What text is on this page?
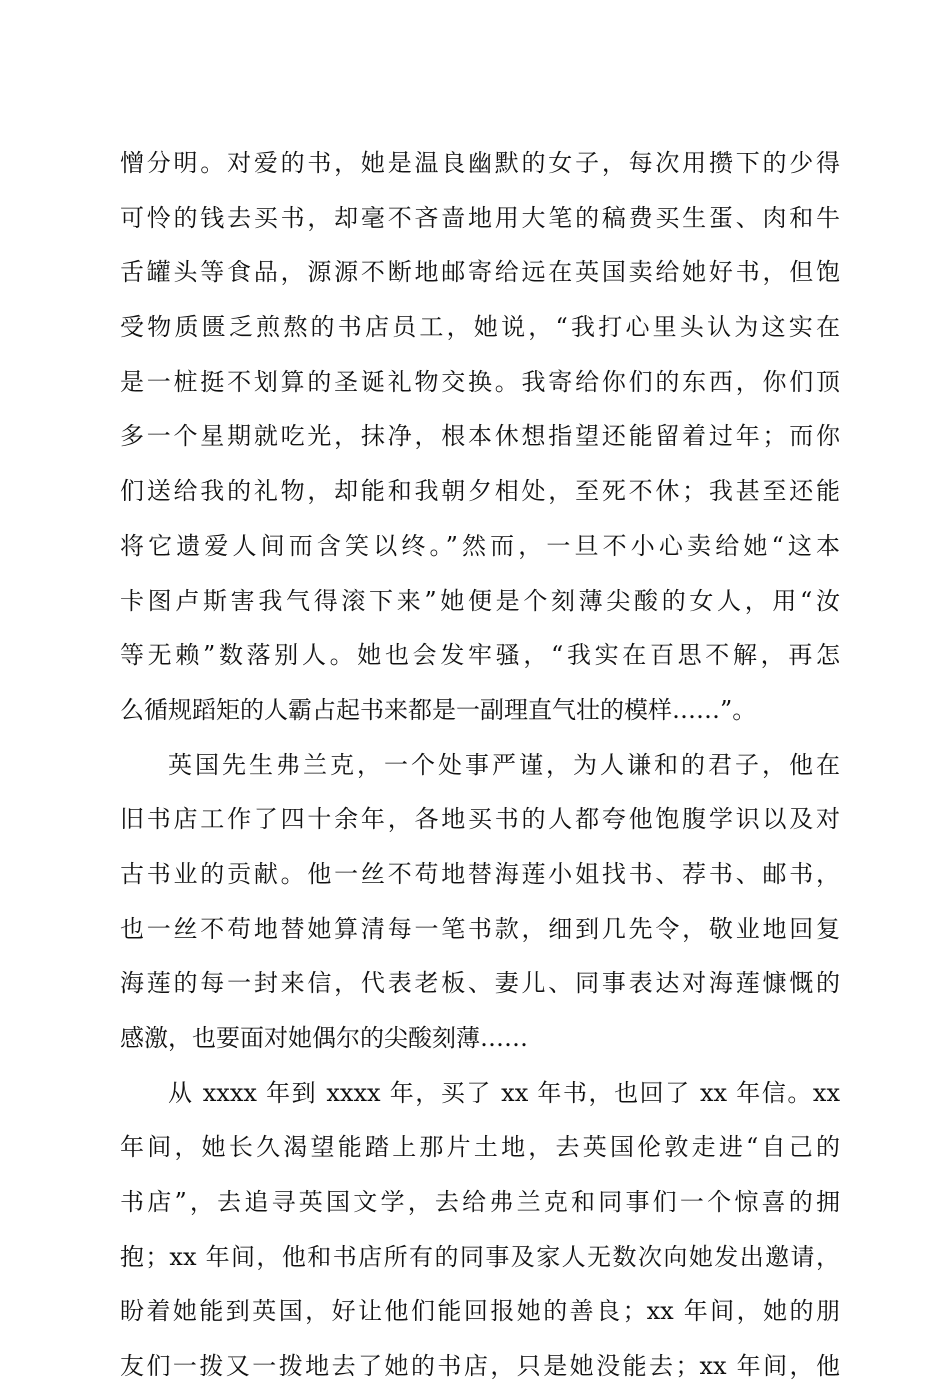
憎分明。对爱的书，她是温良幽默的女子，每次用攒下的少得
可怜的钱去买书，却毫不吝啬地用大笔的稿费买生蛋、肉和牛
舌罐头等食品，源源不断地邮寄给远在英国卖给她好书，但饱
受物质匮乏煎熬的书店员工，她说，“我打心里头认为这实在
是一桩挺不划算的圣诞礼物交换。我寄给你们的东西，你们顶
多一个星期就吃光，抹净，根本休想指望还能留着过年；而你
们送给我的礼物，却能和我朝夕相处，至死不休；我甚至还能
将它遗爱人间而含笑以终。”然而，一旦不小心卖给她“这本
卡图卢斯害我气得滚下来”她便是个刻薄尖酸的女人，用“汝
等无赖”数落别人。她也会发牢骚，“我实在百思不解，再怎
么循规蹈矩的人霸占起书来都是一副理直气壮的模样……”。
英国先生弗兰克，一个处事严谨，为人谦和的君子，他在
旧书店工作了四十余年，各地买书的人都夸他饱腹学识以及对
古书业的贡献。他一丝不苟地替海莲小姐找书、荐书、邮书，
也一丝不苟地替她算清每一笔书款，细到几先令，敬业地回复
海莲的每一封来信，代表老板、妻儿、同事表达对海莲慷慨的
感激，也要面对她偶尔的尖酸刻薄……
从 xxxx 年到 xxxx 年，买了 xx 年书，也回了 xx 年信。xx
年间，她长久渴望能踏上那片土地，去英国伦敦走进“自己的
书店”，去追寻英国文学，去给弗兰克和同事们一个惊喜的拥
抱；xx 年间，他和书店所有的同事及家人无数次向她发出邀请，
盼着她能到英国，好让他们能回报她的善良；xx 年间，她的朋
友们一拨又一拨地去了她的书店，只是她没能去；xx 年间，他
